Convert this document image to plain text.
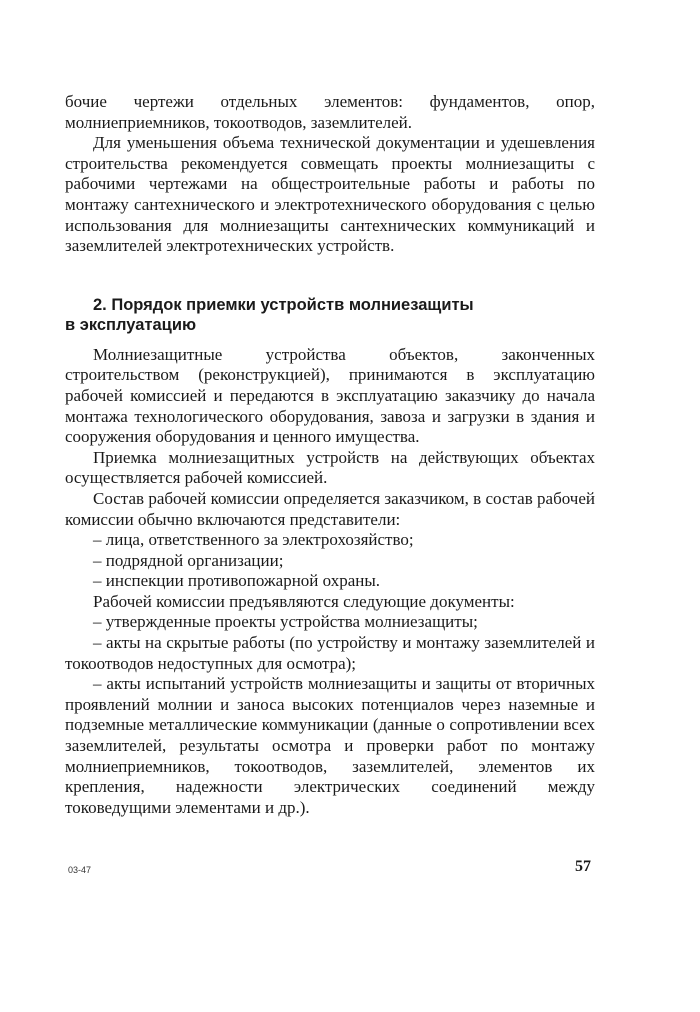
бочие чертежи отдельных элементов: фундаментов, опор, молниеприемников, токоотводов, заземлителей.

Для уменьшения объема технической документации и удешевления строительства рекомендуется совмещать проекты молниезащиты с рабочими чертежами на общестроительные работы и работы по монтажу сантехнического и электротехнического оборудования с целью использования для молниезащиты сантехнических коммуникаций и заземлителей электротехнических устройств.

2. Порядок приемки устройств молниезащиты
в эксплуатацию

Молниезащитные устройства объектов, законченных строительством (реконструкцией), принимаются в эксплуатацию рабочей комиссией и передаются в эксплуатацию заказчику до начала монтажа технологического оборудования, завоза и загрузки в здания и сооружения оборудования и ценного имущества.

Приемка молниезащитных устройств на действующих объектах осуществляется рабочей комиссией.

Состав рабочей комиссии определяется заказчиком, в состав рабочей комиссии обычно включаются представители:

– лица, ответственного за электрохозяйство;

– подрядной организации;

– инспекции противопожарной охраны.

Рабочей комиссии предъявляются следующие документы:

– утвержденные проекты устройства молниезащиты;

– акты на скрытые работы (по устройству и монтажу заземлителей и токоотводов недоступных для осмотра);

– акты испытаний устройств молниезащиты и защиты от вторичных проявлений молнии и заноса высоких потенциалов через наземные и подземные металлические коммуникации (данные о сопротивлении всех заземлителей, результаты осмотра и проверки работ по монтажу молниеприемников, токоотводов, заземлителей, элементов их крепления, надежности электрических соединений между токоведущими элементами и др.).

03-47	57
